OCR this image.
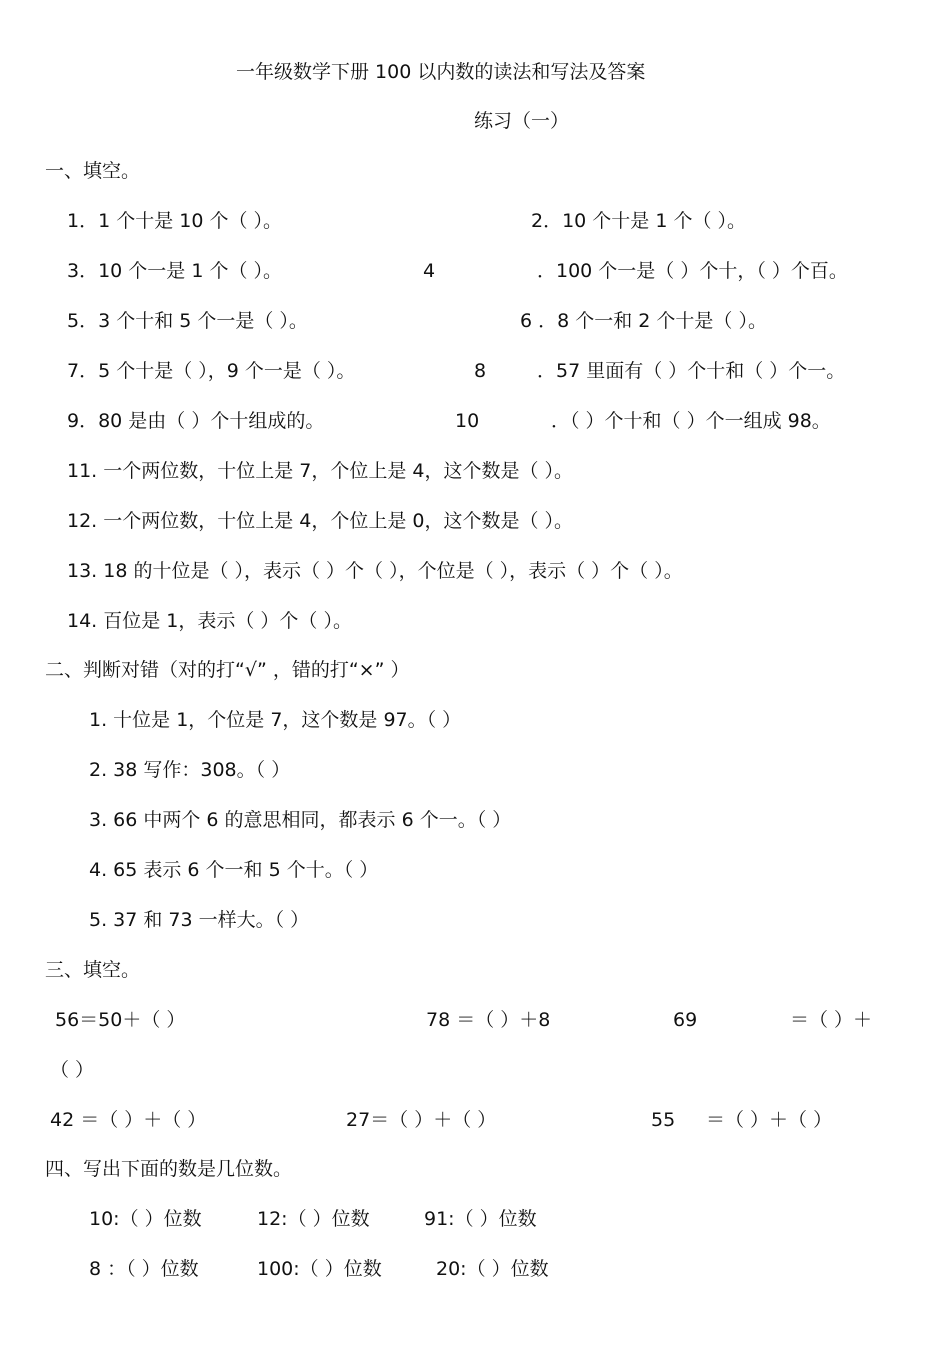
一年级数学下册 100 以内数的读法和写法及答案
练习（一）
一、填空。
1．1 个十是 10 个（ ）。	2．10 个十是 1 个（ ）。
3．10 个一是 1 个（ ）。	4	．100 个一是（ ）个十，（ ）个百。
5．3 个十和 5 个一是（ ）。	6 ．8 个一和 2 个十是（ ）。
7．5 个十是（ ），9 个一是（ ）。	8	．57 里面有（ ）个十和（ ）个一。
9．80 是由（ ）个十组成的。	10	．（ ）个十和（ ）个一组成 98。
11. 一个两位数，十位上是 7，个位上是 4，这个数是（ ）。
12. 一个两位数，十位上是 4，个位上是 0，这个数是（ ）。
13. 18 的十位是（ ），表示（ ）个（ ），个位是（ ），表示（ ）个（ ）。
14. 百位是 1，表示（ ）个（ ）。
二、判断对错（对的打“√” ，错的打“×” ）
1. 十位是 1，个位是 7，这个数是 97。（ ）
2. 38 写作：308。（ ）
3. 66 中两个 6 的意思相同，都表示 6 个一。（ ）
4. 65 表示 6 个一和 5 个十。（ ）
5. 37 和 73 一样大。（ ）
三、填空。
56＝50＋（ ）	78 ＝（ ）＋8	69	＝（ ）＋
（ ）
42 ＝（ ）＋（ ）	27＝（ ）＋（ ）	55 ＝（ ）＋（ ）
四、写出下面的数是几位数。
10:（ ）位数	12:（ ）位数	91:（ ）位数
8 ：（ ）位数	100:（ ）位数	20:（ ）位数
